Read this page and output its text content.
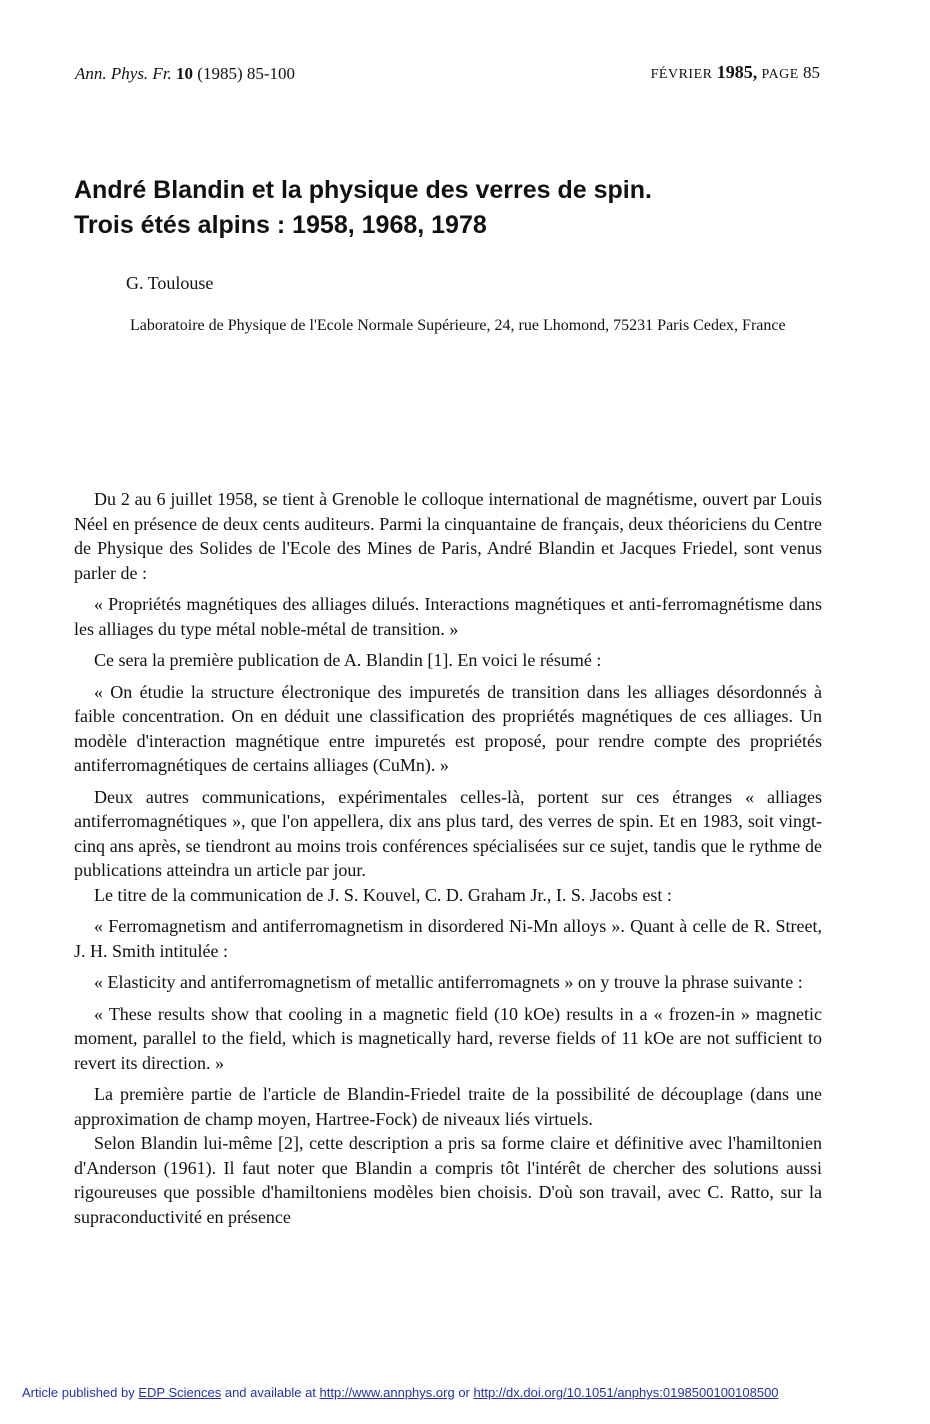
Ann. Phys. Fr. 10 (1985) 85-100	FÉVRIER 1985, PAGE 85
André Blandin et la physique des verres de spin.
Trois étés alpins : 1958, 1968, 1978
G. Toulouse
Laboratoire de Physique de l'Ecole Normale Supérieure, 24, rue Lhomond, 75231 Paris Cedex, France

Du 2 au 6 juillet 1958, se tient à Grenoble le colloque international de magnétisme, ouvert par Louis Néel en présence de deux cents auditeurs. Parmi la cinquantaine de français, deux théoriciens du Centre de Physique des Solides de l'Ecole des Mines de Paris, André Blandin et Jacques Friedel, sont venus parler de :

« Propriétés magnétiques des alliages dilués. Interactions magnétiques et anti-ferromagnétisme dans les alliages du type métal noble-métal de transition. »

Ce sera la première publication de A. Blandin [1]. En voici le résumé :

« On étudie la structure électronique des impuretés de transition dans les alliages désordonnés à faible concentration. On en déduit une classification des propriétés magnétiques de ces alliages. Un modèle d'interaction magnétique entre impuretés est proposé, pour rendre compte des propriétés antiferromagnétiques de certains alliages (CuMn). »

Deux autres communications, expérimentales celles-là, portent sur ces étranges « alliages antiferromagnétiques », que l'on appellera, dix ans plus tard, des verres de spin. Et en 1983, soit vingt-cinq ans après, se tiendront au moins trois conférences spécialisées sur ce sujet, tandis que le rythme de publications atteindra un article par jour.

Le titre de la communication de J. S. Kouvel, C. D. Graham Jr., I. S. Jacobs est :

« Ferromagnetism and antiferromagnetism in disordered Ni-Mn alloys ». Quant à celle de R. Street, J. H. Smith intitulée :

« Elasticity and antiferromagnetism of metallic antiferromagnets » on y trouve la phrase suivante :

« These results show that cooling in a magnetic field (10 kOe) results in a « frozen-in » magnetic moment, parallel to the field, which is magnetically hard, reverse fields of 11 kOe are not sufficient to revert its direction. »

La première partie de l'article de Blandin-Friedel traite de la possibilité de découplage (dans une approximation de champ moyen, Hartree-Fock) de niveaux liés virtuels.

Selon Blandin lui-même [2], cette description a pris sa forme claire et définitive avec l'hamiltonien d'Anderson (1961). Il faut noter que Blandin a compris tôt l'intérêt de chercher des solutions aussi rigoureuses que possible d'hamiltoniens modèles bien choisis. D'où son travail, avec C. Ratto, sur la supraconductivité en présence

Article published by EDP Sciences and available at http://www.annphys.org or http://dx.doi.org/10.1051/anphys:0198500100108500
